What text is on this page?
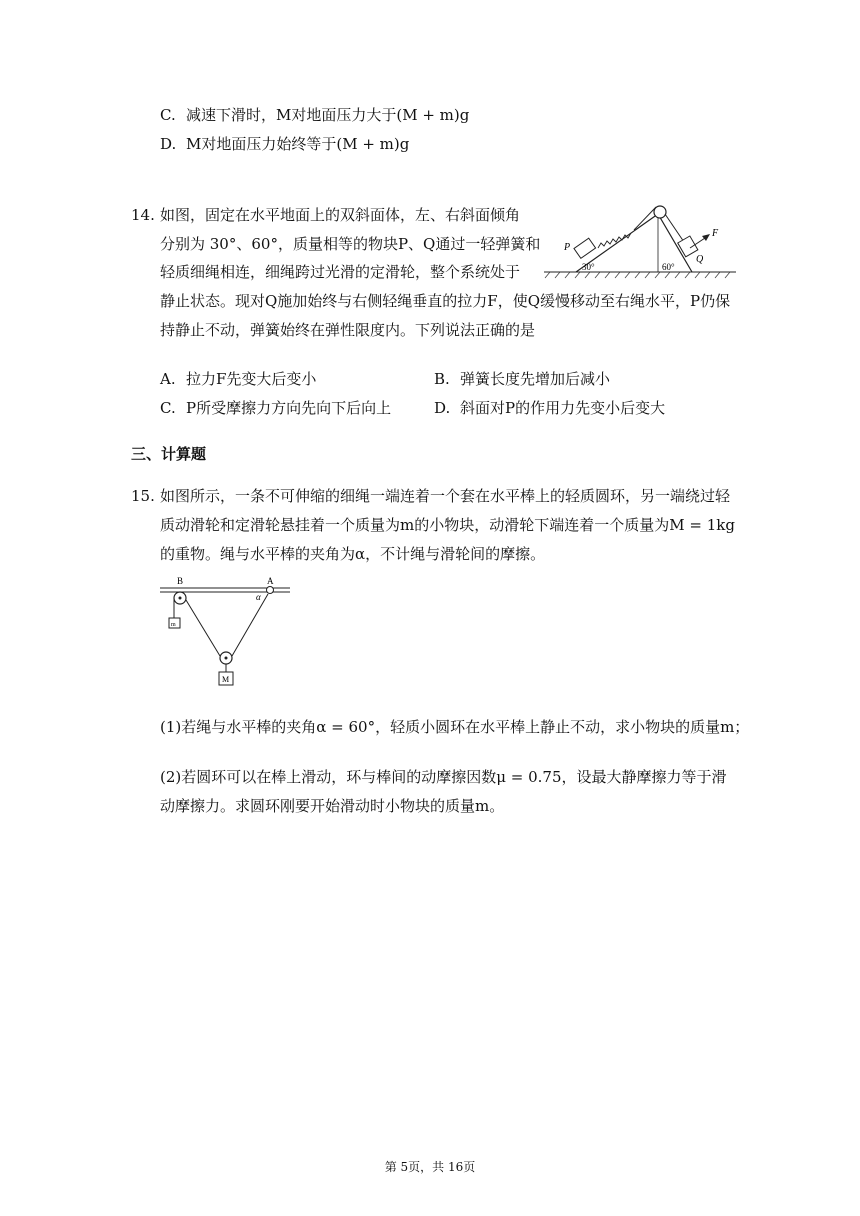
C. 减速下滑时，M对地面压力大于(M + m)g
D. M对地面压力始终等于(M + m)g
14. 如图，固定在水平地面上的双斜面体，左、右斜面倾角
分别为 30°、60°，质量相等的物块P、Q通过一轻弹簧和
轻质细绳相连，细绳跨过光滑的定滑轮，整个系统处于
静止状态。现对Q施加始终与右侧轻绳垂直的拉力F，使Q缓慢移动至右绳水平，P仍保
持静止不动，弹簧始终在弹性限度内。下列说法正确的是
F
P
Q
30°	60°
A. 拉力F先变大后变小	B. 弹簧长度先增加后减小
C. P所受摩擦力方向先向下后向上	D. 斜面对P的作用力先变小后变大
三、计算题
15. 如图所示，一条不可伸缩的细绳一端连着一个套在水平棒上的轻质圆环，另一端绕过轻
质动滑轮和定滑轮悬挂着一个质量为m的小物块，动滑轮下端连着一个质量为M = 1kg
的重物。绳与水平棒的夹角为α，不计绳与滑轮间的摩擦。
B
m
A
α
M
(1)若绳与水平棒的夹角α = 60°，轻质小圆环在水平棒上静止不动，求小物块的质量m；
(2)若圆环可以在棒上滑动，环与棒间的动摩擦因数μ = 0.75，设最大静摩擦力等于滑
动摩擦力。求圆环刚要开始滑动时小物块的质量m。
第 5页，共 16页
